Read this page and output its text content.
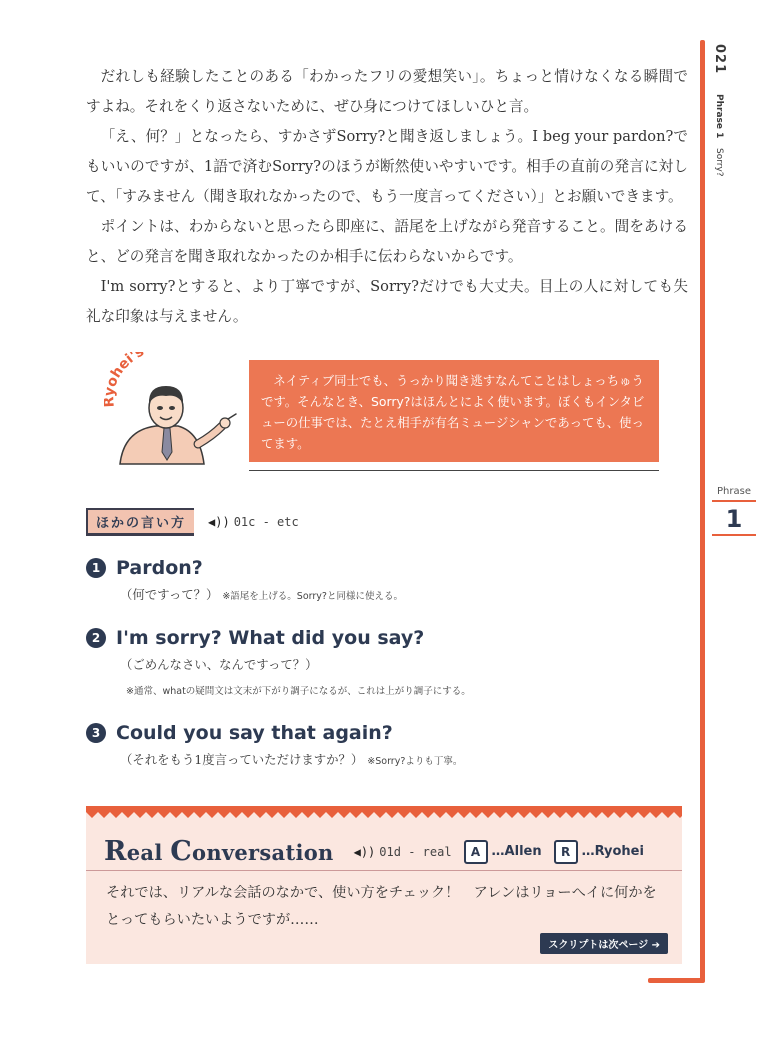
021
Phrase 1
Sorry?
Phrase
1

だれしも経験したことのある「わかったフリの愛想笑い」。ちょっと情けなくなる瞬間ですよね。それをくり返さないために、ぜひ身につけてほしいひと言。

「え、何？」となったら、すかさずSorry?と聞き返しましょう。I beg your pardon?でもいいのですが、1語で済むSorry?のほうが断然使いやすいです。相手の直前の発言に対して、「すみません（聞き取れなかったので、もう一度言ってください）」とお願いできます。

ポイントは、わからないと思ったら即座に、語尾を上げながら発音すること。間をあけると、どの発言を聞き取れなかったのか相手に伝わらないからです。

I'm sorry?とすると、より丁寧ですが、Sorry?だけでも大丈夫。目上の人に対しても失礼な印象は与えません。

ohei's
ネイティブ同士でも、うっかり聞き逃すなんてことはしょっちゅうです。そんなとき、Sorry?はほんとによく使います。ぼくもインタビューの仕事では、たとえ相手が有名ミュージシャンであっても、使ってます。
ほかの言い方	◀)) 01c - etc
1 Pardon?
（何ですって？） ※語尾を上げる。Sorry?と同様に使える。
2 I'm sorry? What did you say?
（ごめんなさい、なんですって？）
※通常、whatの疑問文は文末が下がり調子になるが、これは上がり調子にする。
3 Could you say that again?
（それをもう1度言っていただけますか？） ※Sorry?よりも丁寧。
Real Conversation ◀)) 01d - real	A …Allen	R …Ryohei
それでは、リアルな会話のなかで、使い方をチェック！　アレンはリョーへイに何かをとってもらいたいようですが……
スクリプトは次ページ ➔
